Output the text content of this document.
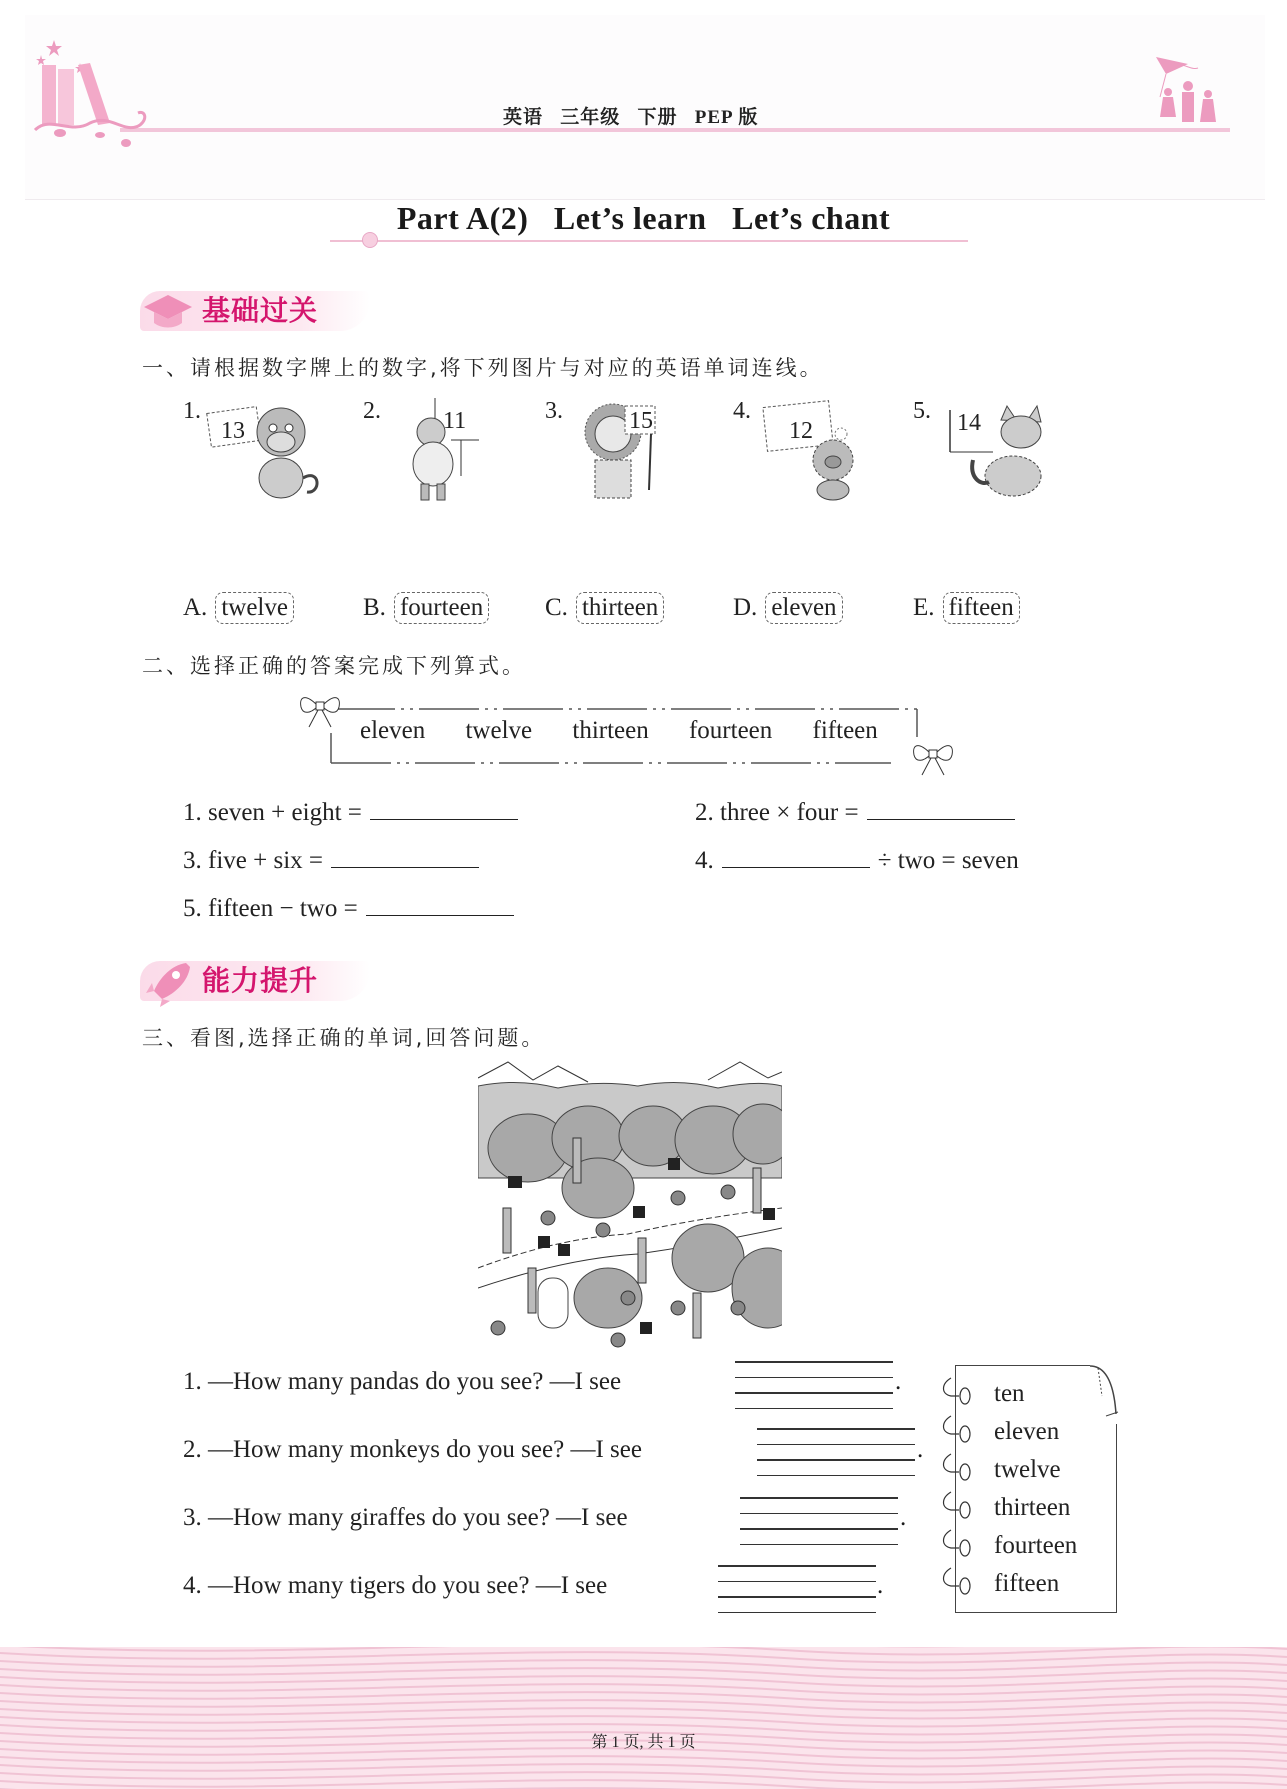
英语   三年级   下册   PEP 版
Part A(2)   Let’s learn   Let’s chant
基础过关
一、请根据数字牌上的数字,将下列图片与对应的英语单词连线。
1.
13
2.	11	3.	15	4.
12
5. 14
A. twelve	B. fourteen C. thirteen	D. eleven	E. fifteen
二、选择正确的答案完成下列算式。
eleven twelve thirteen fourteen fifteen
1. seven + eight =	2. three × four =
3. five + six =	4.	÷ two = seven
5. fifteen − two =
能力提升
三、看图,选择正确的单词,回答问题。
1. —How many pandas do you see? —I see	.
2. —How many monkeys do you see? —I see	.
3. —How many giraffes do you see? —I see	.
4. —How many tigers do you see? —I see	.
ten
eleven
twelve
thirteen
fourteen
fifteen
第 1 页, 共 1 页
